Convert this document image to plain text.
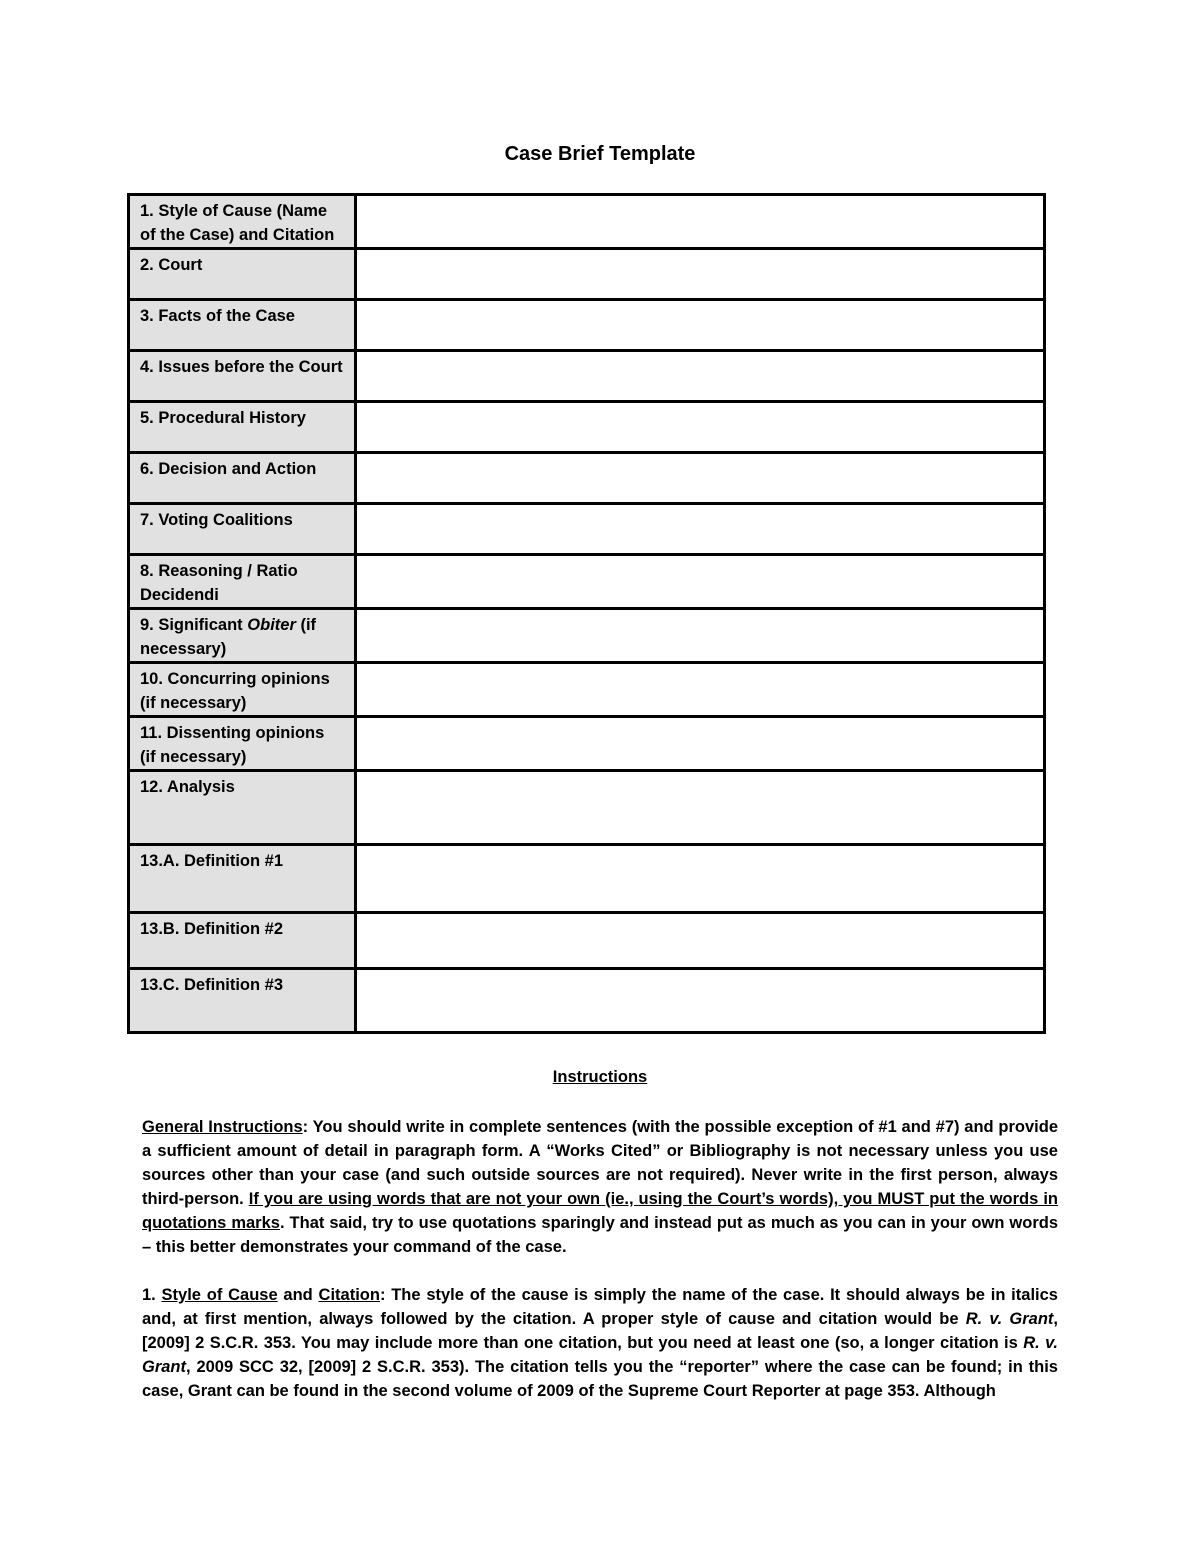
Case Brief Template
1. Style of Cause (Name of the Case) and Citation	
2. Court	
3. Facts of the Case	
4. Issues before the Court	
5. Procedural History	
6. Decision and Action	
7. Voting Coalitions	
8. Reasoning / Ratio Decidendi	
9. Significant Obiter (if necessary)	
10. Concurring opinions (if necessary)	
11. Dissenting opinions (if necessary)	
12. Analysis	
13.A. Definition #1	
13.B. Definition #2	
13.C. Definition #3	
Instructions
General Instructions: You should write in complete sentences (with the possible exception of #1 and #7) and provide a sufficient amount of detail in paragraph form. A “Works Cited” or Bibliography is not necessary unless you use sources other than your case (and such outside sources are not required). Never write in the first person, always third-person. If you are using words that are not your own (ie., using the Court’s words), you MUST put the words in quotations marks. That said, try to use quotations sparingly and instead put as much as you can in your own words – this better demonstrates your command of the case.
1. Style of Cause and Citation: The style of the cause is simply the name of the case. It should always be in italics and, at first mention, always followed by the citation. A proper style of cause and citation would be R. v. Grant, [2009] 2 S.C.R. 353. You may include more than one citation, but you need at least one (so, a longer citation is R. v. Grant, 2009 SCC 32, [2009] 2 S.C.R. 353). The citation tells you the “reporter” where the case can be found; in this case, Grant can be found in the second volume of 2009 of the Supreme Court Reporter at page 353. Although
